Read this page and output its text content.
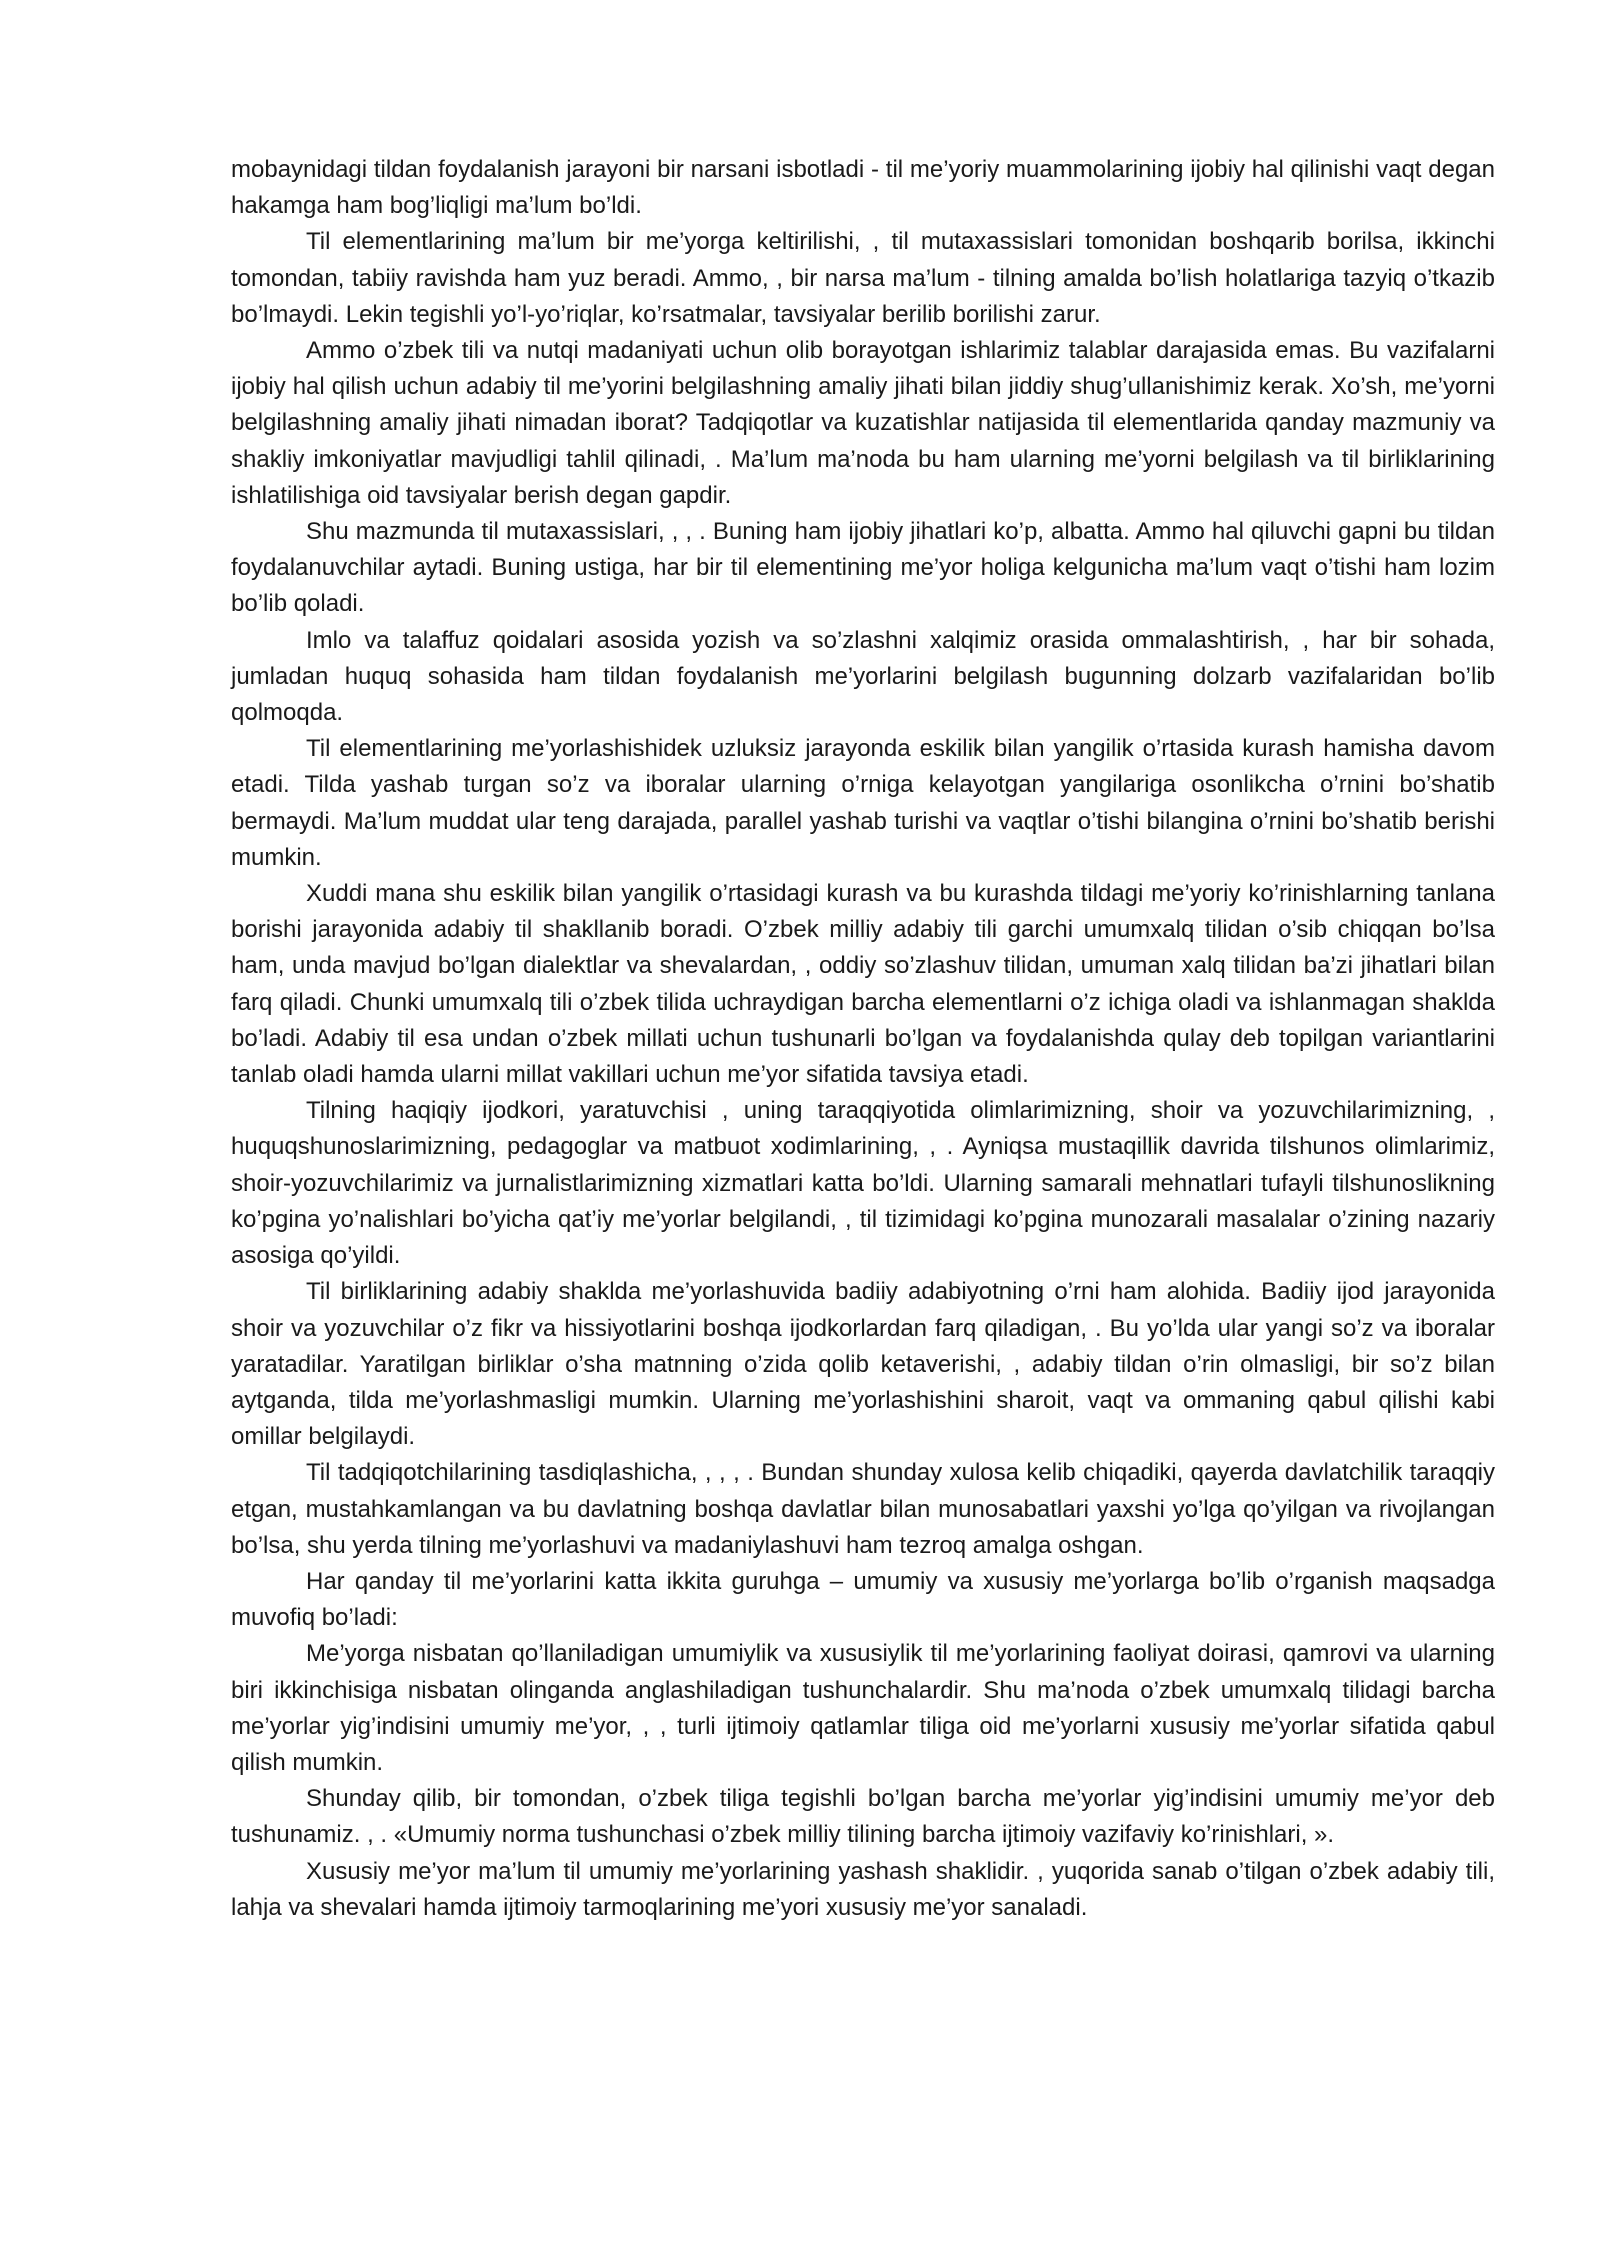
mobaynidagi tildan foydalanish jarayoni bir narsani isbotladi - til me’yoriy muammolarining ijobiy hal qilinishi vaqt degan hakamga ham bog’liqligi ma’lum bo’ldi.

Til elementlarining ma’lum bir me’yorga keltirilishi, , til mutaxassislari tomonidan boshqarib borilsa, ikkinchi tomondan, tabiiy ravishda ham yuz beradi. Ammo, , bir narsa ma’lum - tilning amalda bo’lish holatlariga tazyiq o’tkazib bo’lmaydi. Lekin tegishli yo’l-yo’riqlar, ko’rsatmalar, tavsiyalar berilib borilishi zarur.

Ammo o’zbek tili va nutqi madaniyati uchun olib borayotgan ishlarimiz talablar darajasida emas. Bu vazifalarni ijobiy hal qilish uchun adabiy til me’yorini belgilashning amaliy jihati bilan jiddiy shug’ullanishimiz kerak. Xo’sh, me’yorni belgilashning amaliy jihati nimadan iborat? Tadqiqotlar va kuzatishlar natijasida til elementlarida qanday mazmuniy va shakliy imkoniyatlar mavjudligi tahlil qilinadi, . Ma’lum ma’noda bu ham ularning me’yorni belgilash va til birliklarining ishlatilishiga oid tavsiyalar berish degan gapdir.

Shu mazmunda til mutaxassislari, , , . Buning ham ijobiy jihatlari ko’p, albatta. Ammo hal qiluvchi gapni bu tildan foydalanuvchilar aytadi. Buning ustiga, har bir til elementining me’yor holiga kelgunicha ma’lum vaqt o’tishi ham lozim bo’lib qoladi.

Imlo va talaffuz qoidalari asosida yozish va so’zlashni xalqimiz orasida ommalashtirish, , har bir sohada, jumladan huquq sohasida ham tildan foydalanish me’yorlarini belgilash bugunning dolzarb vazifalaridan bo’lib qolmoqda.

Til elementlarining me’yorlashishidek uzluksiz jarayonda eskilik bilan yangilik o’rtasida kurash hamisha davom etadi. Tilda yashab turgan so’z va iboralar ularning o’rniga kelayotgan yangilariga osonlikcha o’rnini bo’shatib bermaydi. Ma’lum muddat ular teng darajada, parallel yashab turishi va vaqtlar o’tishi bilangina o’rnini bo’shatib berishi mumkin.

Xuddi mana shu eskilik bilan yangilik o’rtasidagi kurash va bu kurashda tildagi me’yoriy ko’rinishlarning tanlana borishi jarayonida adabiy til shakllanib boradi. O’zbek milliy adabiy tili garchi umumxalq tilidan o’sib chiqqan bo’lsa ham, unda mavjud bo’lgan dialektlar va shevalardan, , oddiy so’zlashuv tilidan, umuman xalq tilidan ba’zi jihatlari bilan farq qiladi. Chunki umumxalq tili o’zbek tilida uchraydigan barcha elementlarni o’z ichiga oladi va ishlanmagan shaklda bo’ladi. Adabiy til esa undan o’zbek millati uchun tushunarli bo’lgan va foydalanishda qulay deb topilgan variantlarini tanlab oladi hamda ularni millat vakillari uchun me’yor sifatida tavsiya etadi.

Tilning haqiqiy ijodkori, yaratuvchisi , uning taraqqiyotida olimlarimizning, shoir va yozuvchilarimizning, , huquqshunoslarimizning, pedagoglar va matbuot xodimlarining, , . Ayniqsa mustaqillik davrida tilshunos olimlarimiz, shoir-yozuvchilarimiz va jurnalistlarimizning xizmatlari katta bo’ldi. Ularning samarali mehnatlari tufayli tilshunoslikning ko’pgina yo’nalishlari bo’yicha qat’iy me’yorlar belgilandi, , til tizimidagi ko’pgina munozarali masalalar o’zining nazariy asosiga qo’yildi.

Til birliklarining adabiy shaklda me’yorlashuvida badiiy adabiyotning o’rni ham alohida. Badiiy ijod jarayonida shoir va yozuvchilar o’z fikr va hissiyotlarini boshqa ijodkorlardan farq qiladigan, . Bu yo’lda ular yangi so’z va iboralar yaratadilar. Yaratilgan birliklar o’sha matnning o’zida qolib ketaverishi, , adabiy tildan o’rin olmasligi, bir so’z bilan aytganda, tilda me’yorlashmasligi mumkin. Ularning me’yorlashishini sharoit, vaqt va ommaning qabul qilishi kabi omillar belgilaydi.

Til tadqiqotchilarining tasdiqlashicha, , , , . Bundan shunday xulosa kelib chiqadiki, qayerda davlatchilik taraqqiy etgan, mustahkamlangan va bu davlatning boshqa davlatlar bilan munosabatlari yaxshi yo’lga qo’yilgan va rivojlangan bo’lsa, shu yerda tilning me’yorlashuvi va madaniylashuvi ham tezroq amalga oshgan.

Har qanday til me’yorlarini katta ikkita guruhga – umumiy va xususiy me’yorlarga bo’lib o’rganish maqsadga muvofiq bo’ladi:

Me’yorga nisbatan qo’llaniladigan umumiylik va xususiylik til me’yorlarining faoliyat doirasi, qamrovi va ularning biri ikkinchisiga nisbatan olinganda anglashiladigan tushunchalardir. Shu ma’noda o’zbek umumxalq tilidagi barcha me’yorlar yig’indisini umumiy me’yor, , , turli ijtimoiy qatlamlar tiliga oid me’yorlarni xususiy me’yorlar sifatida qabul qilish mumkin.

Shunday qilib, bir tomondan, o’zbek tiliga tegishli bo’lgan barcha me’yorlar yig’indisini umumiy me’yor deb tushunamiz. , . «Umumiy norma tushunchasi o’zbek milliy tilining barcha ijtimoiy vazifaviy ko’rinishlari, ».

Xususiy me’yor ma’lum til umumiy me’yorlarining yashash shaklidir. , yuqorida sanab o’tilgan o’zbek adabiy tili, lahja va shevalari hamda ijtimoiy tarmoqlarining me’yori xususiy me’yor sanaladi.
